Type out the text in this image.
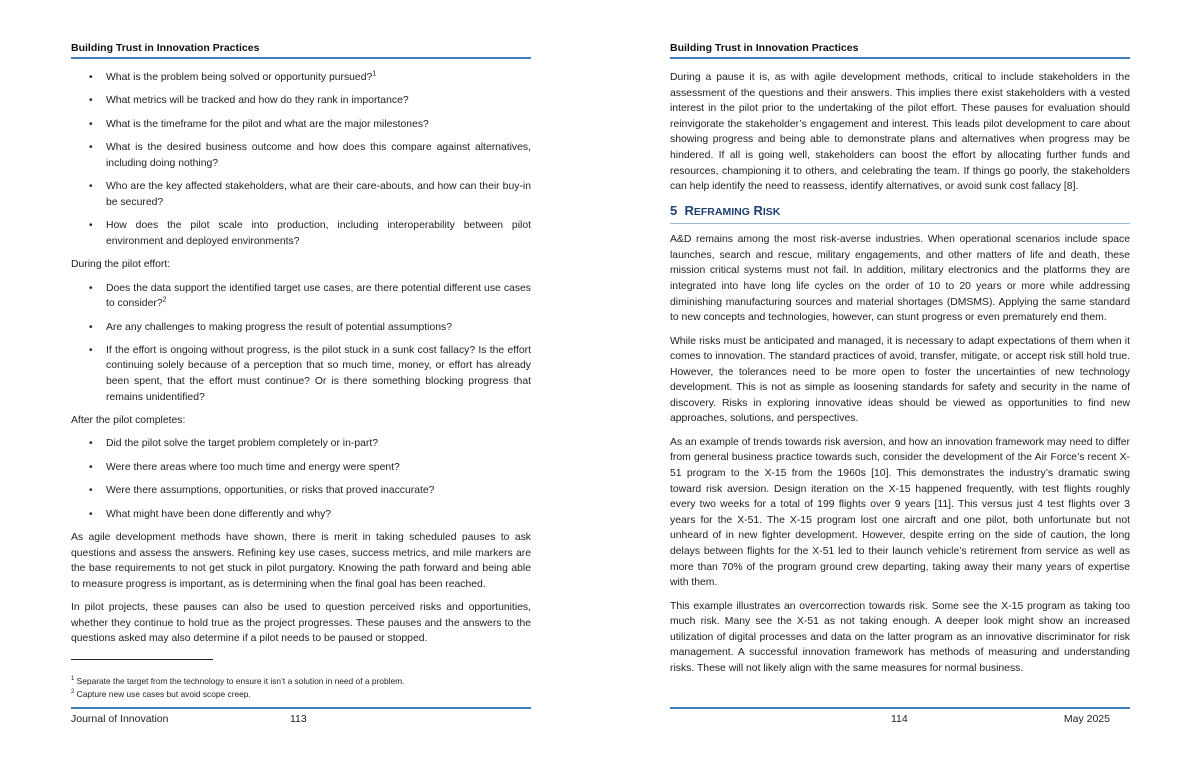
Building Trust in Innovation Practices
• What is the problem being solved or opportunity pursued?$^1$
• What metrics will be tracked and how do they rank in importance?
• What is the timeframe for the pilot and what are the major milestones?
• What is the desired business outcome and how does this compare against alternatives, including doing nothing?
• Who are the key affected stakeholders, what are their care-abouts, and how can their buy-in be secured?
• How does the pilot scale into production, including interoperability between pilot environment and deployed environments?

During the pilot effort:

• Does the data support the identified target use cases, are there potential different use cases to consider?$^2$
• Are any challenges to making progress the result of potential assumptions?
• If the effort is ongoing without progress, is the pilot stuck in a sunk cost fallacy? Is the effort continuing solely because of a perception that so much time, money, or effort has already been spent, that the effort must continue? Or is there something blocking progress that remains unidentified?

After the pilot completes:

• Did the pilot solve the target problem completely or in-part?
• Were there areas where too much time and energy were spent?
• Were there assumptions, opportunities, or risks that proved inaccurate?
• What might have been done differently and why?

As agile development methods have shown, there is merit in taking scheduled pauses to ask questions and assess the answers. Refining key use cases, success metrics, and mile markers are the base requirements to not get stuck in pilot purgatory. Knowing the path forward and being able to measure progress is important, as is determining when the final goal has been reached.

In pilot projects, these pauses can also be used to question perceived risks and opportunities, whether they continue to hold true as the project progresses. These pauses and the answers to the questions asked may also determine if a pilot needs to be paused or stopped.

$^1$ Separate the target from the technology to ensure it isn’t a solution in need of a problem.
$^2$ Capture new use cases but avoid scope creep.
Journal of Innovation	113
Building Trust in Innovation Practices

During a pause it is, as with agile development methods, critical to include stakeholders in the assessment of the questions and their answers. This implies there exist stakeholders with a vested interest in the pilot prior to the undertaking of the pilot effort. These pauses for evaluation should reinvigorate the stakeholder’s engagement and interest. This leads pilot development to care about showing progress and being able to demonstrate plans and alternatives when progress may be hindered. If all is going well, stakeholders can boost the effort by allocating further funds and resources, championing it to others, and celebrating the team. If things go poorly, the stakeholders can help identify the need to reassess, identify alternatives, or avoid sunk cost fallacy [8].

5 REFRAMING RISK

A&D remains among the most risk-averse industries. When operational scenarios include space launches, search and rescue, military engagements, and other matters of life and death, these mission critical systems must not fail. In addition, military electronics and the platforms they are integrated into have long life cycles on the order of 10 to 20 years or more while addressing diminishing manufacturing sources and material shortages (DMSMS). Applying the same standard to new concepts and technologies, however, can stunt progress or even prematurely end them.

While risks must be anticipated and managed, it is necessary to adapt expectations of them when it comes to innovation. The standard practices of avoid, transfer, mitigate, or accept risk still hold true. However, the tolerances need to be more open to foster the uncertainties of new technology development. This is not as simple as loosening standards for safety and security in the name of discovery. Risks in exploring innovative ideas should be viewed as opportunities to find new approaches, solutions, and perspectives.

As an example of trends towards risk aversion, and how an innovation framework may need to differ from general business practice towards such, consider the development of the Air Force’s recent X-51 program to the X-15 from the 1960s [10]. This demonstrates the industry’s dramatic swing toward risk aversion. Design iteration on the X-15 happened frequently, with test flights roughly every two weeks for a total of 199 flights over 9 years [11]. This versus just 4 test flights over 3 years for the X-51. The X-15 program lost one aircraft and one pilot, both unfortunate but not unheard of in new fighter development. However, despite erring on the side of caution, the long delays between flights for the X-51 led to their launch vehicle’s retirement from service as well as more than 70% of the program ground crew departing, taking away their many years of expertise with them.

This example illustrates an overcorrection towards risk. Some see the X-15 program as taking too much risk. Many see the X-51 as not taking enough. A deeper look might show an increased utilization of digital processes and data on the latter program as an innovative discriminator for risk management. A successful innovation framework has methods of measuring and understanding risks. These will not likely align with the same measures for normal business.

114	May 2025
